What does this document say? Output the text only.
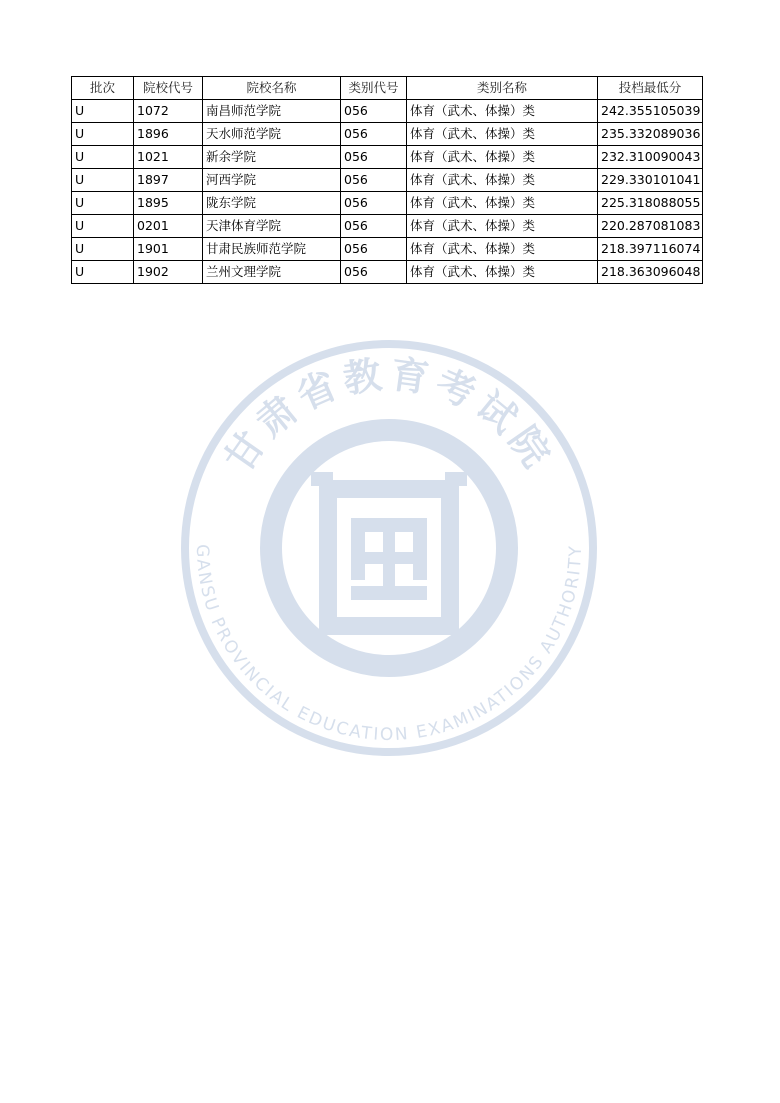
批次	院校代号	院校名称	类别代号	类别名称	投档最低分
U	1072	南昌师范学院	056	体育（武术、体操）类	242.355105039
U	1896	天水师范学院	056	体育（武术、体操）类	235.332089036
U	1021	新余学院	056	体育（武术、体操）类	232.310090043
U	1897	河西学院	056	体育（武术、体操）类	229.330101041
U	1895	陇东学院	056	体育（武术、体操）类	225.318088055
U	0201	天津体育学院	056	体育（武术、体操）类	220.287081083
U	1901	甘肃民族师范学院	056	体育（武术、体操）类	218.397116074
U	1902	兰州文理学院	056	体育（武术、体操）类	218.363096048
甘肃省教育考试院
GANSU PROVINCIAL EDUCATION EXAMINATIONS AUTHORITY
